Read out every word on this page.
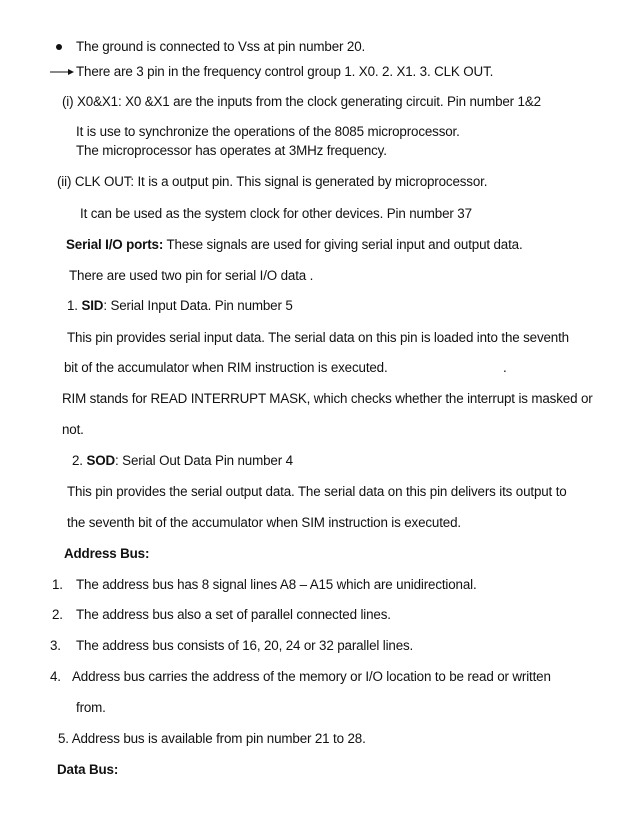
The ground is connected to Vss at pin number 20.
There are 3 pin in the frequency control group 1. X0. 2. X1. 3. CLK OUT.
(i) X0&X1: X0 &X1 are the inputs from the clock generating circuit. Pin number 1&2
It is use to synchronize the operations of the 8085 microprocessor.
The microprocessor has operates at 3MHz frequency.
(ii) CLK OUT: It is a output pin. This signal is generated by microprocessor.
It can be used as the system clock for other devices. Pin number 37
Serial I/O ports: These signals are used for giving serial input and output data.
There are used two pin for serial I/O data .
1. SID: Serial Input Data. Pin number 5
This pin provides serial input data. The serial data on this pin is loaded into the seventh
bit of the accumulator when RIM instruction is executed.	.
RIM stands for READ INTERRUPT MASK, which checks whether the interrupt is masked or
not.
2. SOD: Serial Out Data Pin number 4
This pin provides the serial output data. The serial data on this pin delivers its output to
the seventh bit of the accumulator when SIM instruction is executed.
Address Bus:
1. The address bus has 8 signal lines A8 – A15 which are unidirectional.
2. The address bus also a set of parallel connected lines.
3. The address bus consists of 16, 20, 24 or 32 parallel lines.
4. Address bus carries the address of the memory or I/O location to be read or written
from.
5. Address bus is available from pin number 21 to 28.
Data Bus:
